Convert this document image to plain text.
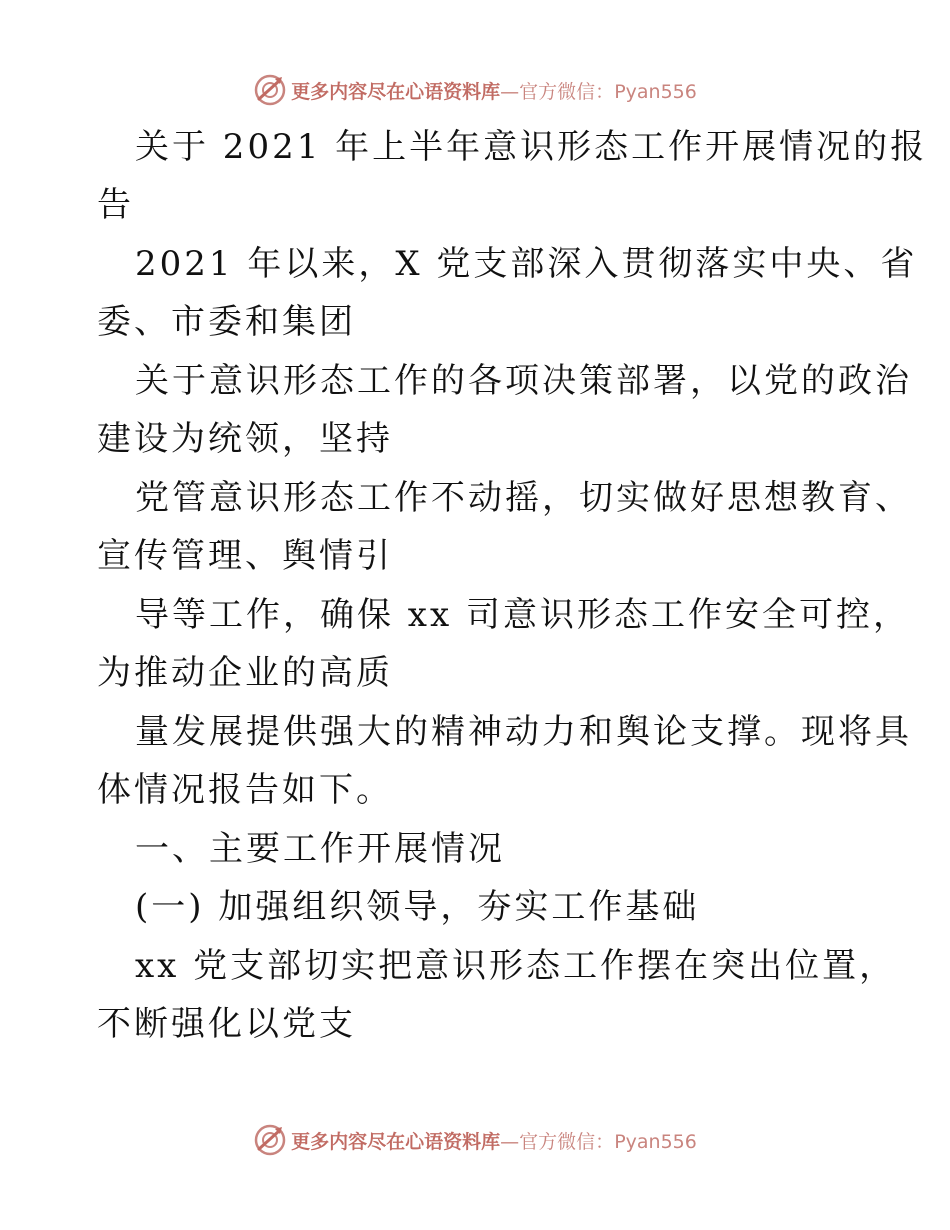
更多内容尽在心语资料库—官方微信：Pyan556
关于 2021 年上半年意识形态工作开展情况的报
告
2021 年以来，X 党支部深入贯彻落实中央、省
委、市委和集团
关于意识形态工作的各项决策部署，以党的政治
建设为统领，坚持
党管意识形态工作不动摇，切实做好思想教育、
宣传管理、舆情引
导等工作，确保 xx 司意识形态工作安全可控，
为推动企业的高质
量发展提供强大的精神动力和舆论支撑。现将具
体情况报告如下。
一、主要工作开展情况
(一) 加强组织领导，夯实工作基础
xx 党支部切实把意识形态工作摆在突出位置，
不断强化以党支
更多内容尽在心语资料库—官方微信：Pyan556
